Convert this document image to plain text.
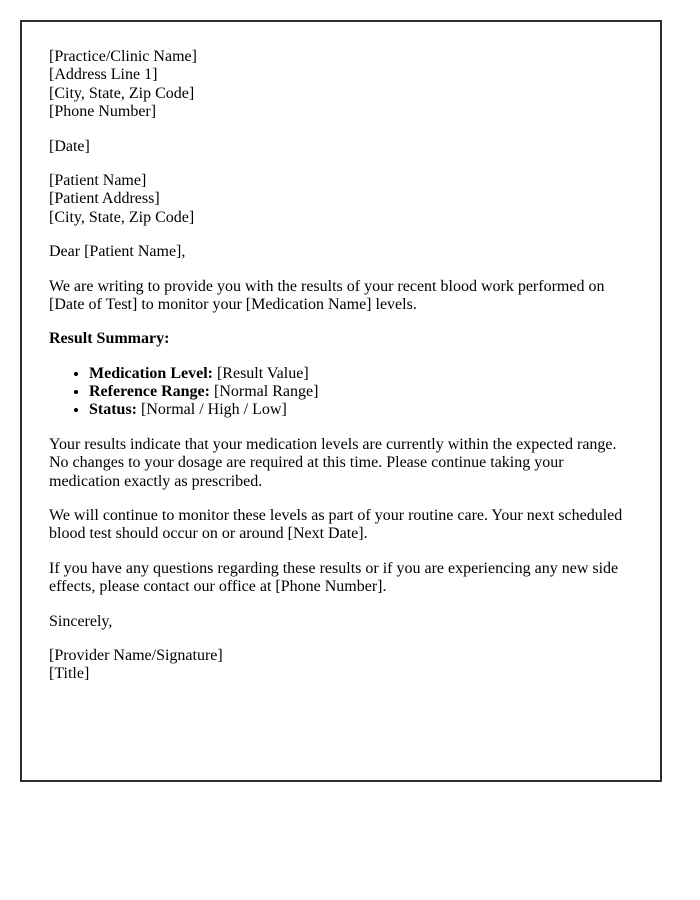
[Practice/Clinic Name]
[Address Line 1]
[City, State, Zip Code]
[Phone Number]

[Date]

[Patient Name]
[Patient Address]
[City, State, Zip Code]

Dear [Patient Name],

We are writing to provide you with the results of your recent blood work performed on [Date of Test] to monitor your [Medication Name] levels.

Result Summary:

• Medication Level: [Result Value]
• Reference Range: [Normal Range]
• Status: [Normal / High / Low]

Your results indicate that your medication levels are currently within the expected range. No changes to your dosage are required at this time. Please continue taking your medication exactly as prescribed.

We will continue to monitor these levels as part of your routine care. Your next scheduled blood test should occur on or around [Next Date].

If you have any questions regarding these results or if you are experiencing any new side effects, please contact our office at [Phone Number].

Sincerely,

[Provider Name/Signature]
[Title]
